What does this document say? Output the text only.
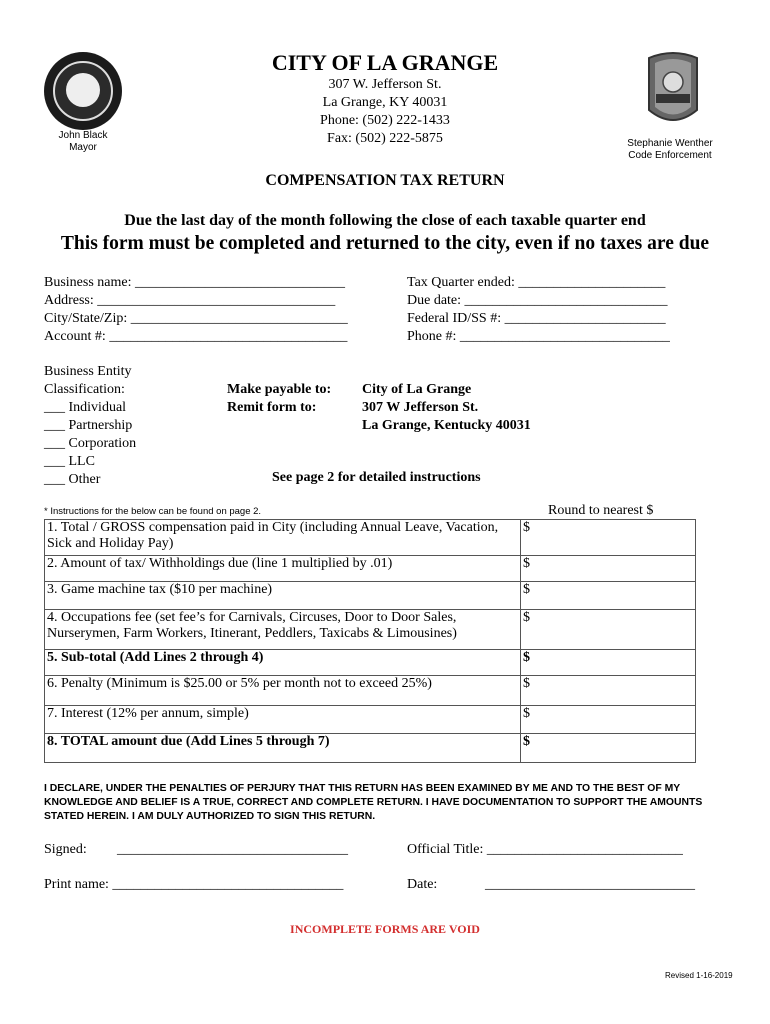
CITY OF LA GRANGE
307 W. Jefferson St.
La Grange, KY 40031
Phone: (502) 222-1433
Fax: (502) 222-5875
John Black
Mayor	Stephanie Wenther
Code Enforcement
COMPENSATION TAX RETURN
Due the last day of the month following the close of each taxable quarter end
This form must be completed and returned to the city, even if no taxes are due
Business name: ______________________________
Address: __________________________________
City/State/Zip: _______________________________
Account #: __________________________________
Tax Quarter ended: _____________________
Due date: _____________________________
Federal ID/SS #: _______________________
Phone #: ______________________________
Business Entity
Classification:
___ Individual
___ Partnership
___ Corporation
___ LLC
___ Other
Make payable to:
Remit form to:
City of La Grange
307 W Jefferson St.
La Grange, Kentucky 40031
See page 2 for detailed instructions
* Instructions for the below can be found on page 2.	Round to nearest $
1. Total / GROSS compensation paid in City (including Annual Leave, Vacation, Sick and Holiday Pay)	$
2. Amount of tax/ Withholdings due (line 1 multiplied by .01)	$
3. Game machine tax ($10 per machine)	$
4. Occupations fee (set fee’s for Carnivals, Circuses, Door to Door Sales, Nurserymen, Farm Workers, Itinerant, Peddlers, Taxicabs & Limousines)	$
5. Sub-total (Add Lines 2 through 4)	$
6. Penalty (Minimum is $25.00 or 5% per month not to exceed 25%)	$
7. Interest (12% per annum, simple)	$
8. TOTAL amount due (Add Lines 5 through 7)	$
I DECLARE, UNDER THE PENALTIES OF PERJURY THAT THIS RETURN HAS BEEN EXAMINED BY ME AND TO THE BEST OF MY KNOWLEDGE AND BELIEF IS A TRUE, CORRECT AND COMPLETE RETURN. I HAVE DOCUMENTATION TO SUPPORT THE AMOUNTS STATED HEREIN. I AM DULY AUTHORIZED TO SIGN THIS RETURN.
Signed: _________________________________	Official Title: ____________________________
Print name: _________________________________	Date:	______________________________
INCOMPLETE FORMS ARE VOID
Revised 1-16-2019
